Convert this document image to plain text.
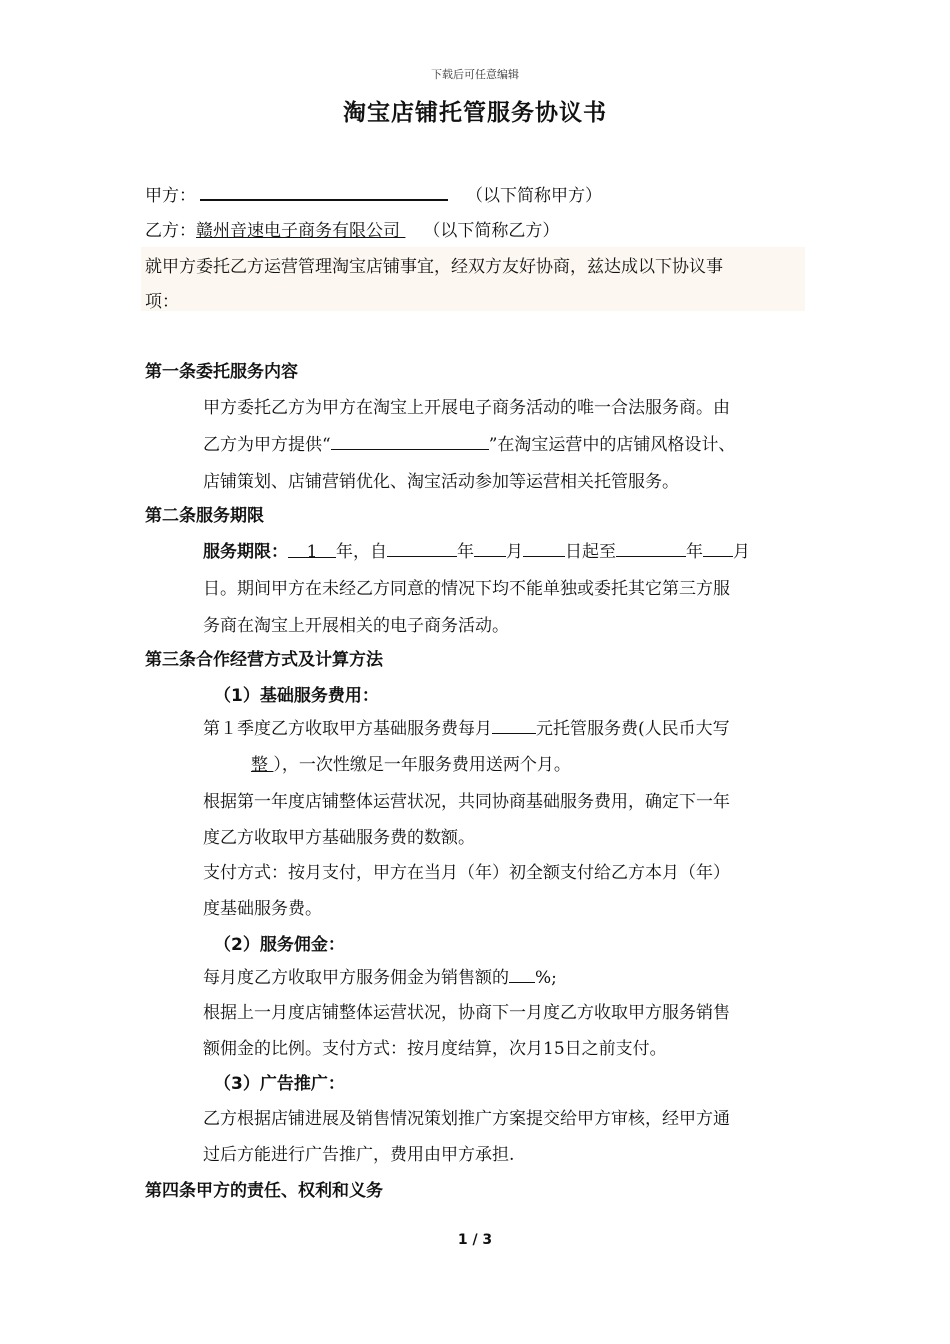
下载后可任意编辑
淘宝店铺托管服务协议书
甲方：	（以下简称甲方）
乙方：赣州音速电子商务有限公司 （以下简称乙方）
就甲方委托乙方运营管理淘宝店铺事宜，经双方友好协商，兹达成以下协议事
项：
第一条委托服务内容
甲方委托乙方为甲方在淘宝上开展电子商务活动的唯一合法服务商。由
乙方为甲方提供“	”在淘宝运营中的店铺风格设计、
店铺策划、店铺营销优化、淘宝活动参加等运营相关托管服务。
第二条服务期限
服务期限： 1 年，自	年 月 日起至	年 月
日。期间甲方在未经乙方同意的情况下均不能单独或委托其它第三方服
务商在淘宝上开展相关的电子商务活动。
第三条合作经营方式及计算方法
（1）基础服务费用：
第１季度乙方收取甲方基础服务费每月	元托管服务费(人民币大写
整 ），一次性缴足一年服务费用送两个月。
根据第一年度店铺整体运营状况，共同协商基础服务费用，确定下一年
度乙方收取甲方基础服务费的数额。
支付方式：按月支付，甲方在当月（年）初全额支付给乙方本月（年）
度基础服务费。
（2）服务佣金：
每月度乙方收取甲方服务佣金为销售额的 %;
根据上一月度店铺整体运营状况，协商下一月度乙方收取甲方服务销售
额佣金的比例。支付方式：按月度结算，次月15日之前支付。
（3）广告推广：
乙方根据店铺进展及销售情况策划推广方案提交给甲方审核，经甲方通
过后方能进行广告推广，费用由甲方承担.
第四条甲方的责任、权利和义务
1 / 3
